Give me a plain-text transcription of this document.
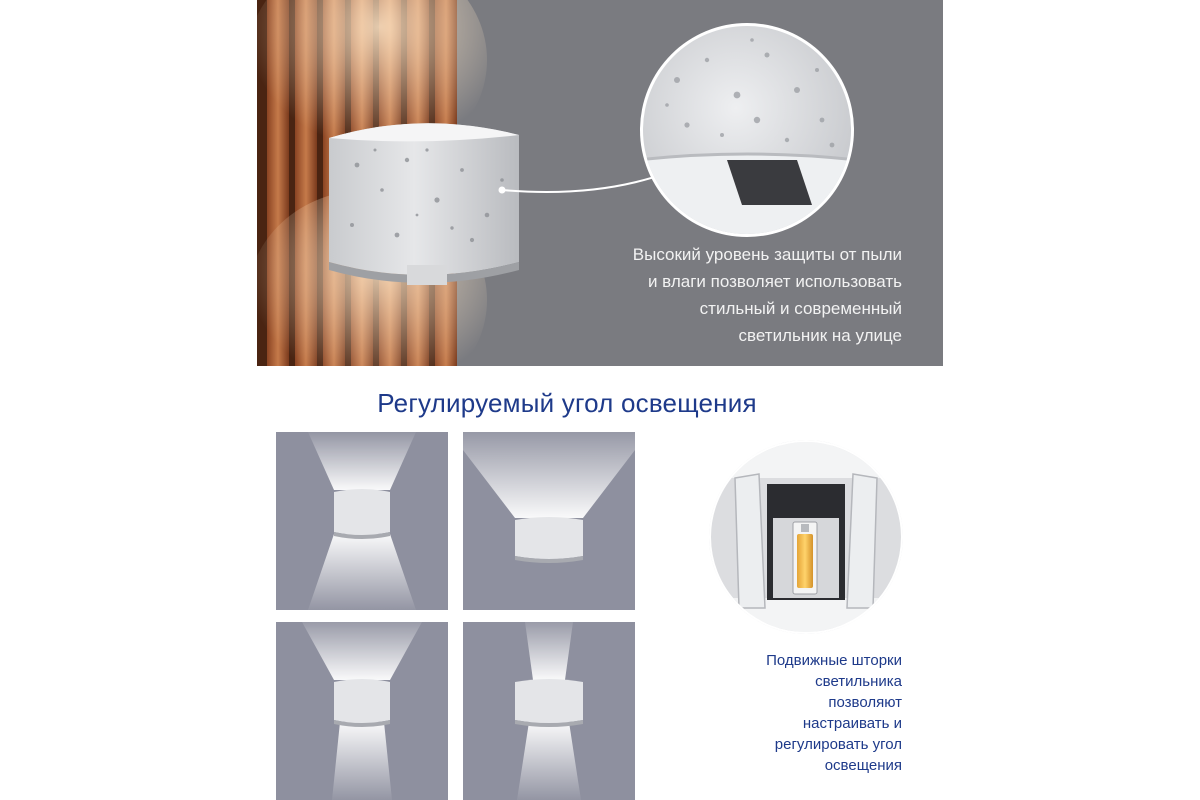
Высокий уровень защиты от пыли
и влаги позволяет использовать
стильный и современный
светильник на улице

Регулируемый угол освещения

Подвижные шторки
светильника
позволяют
настраивать и
регулировать угол
освещения
